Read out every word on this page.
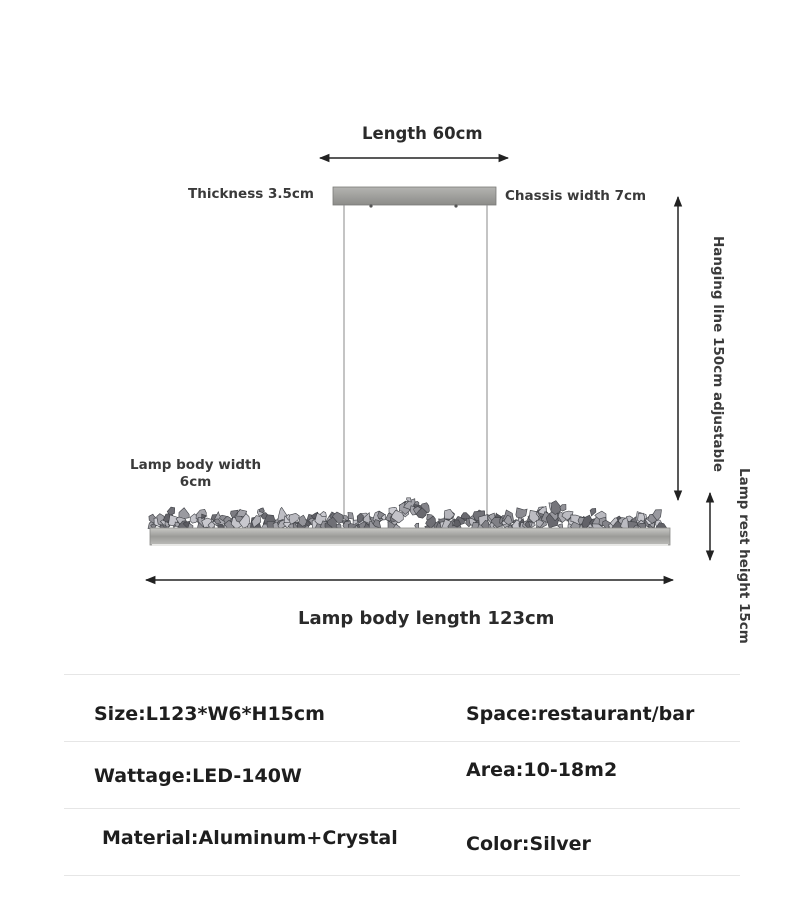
Length 60cm
Thickness 3.5cm	Chassis width 7cm
Hanging line 150cm adjustable
Lamp rest height 15cm
Lamp body width
6cm
Lamp body length 123cm
Size:L123*W6*H15cm	Space:restaurant/bar
Wattage:LED-140W	Area:10-18m2
Material:Aluminum+Crystal	Color:Silver
